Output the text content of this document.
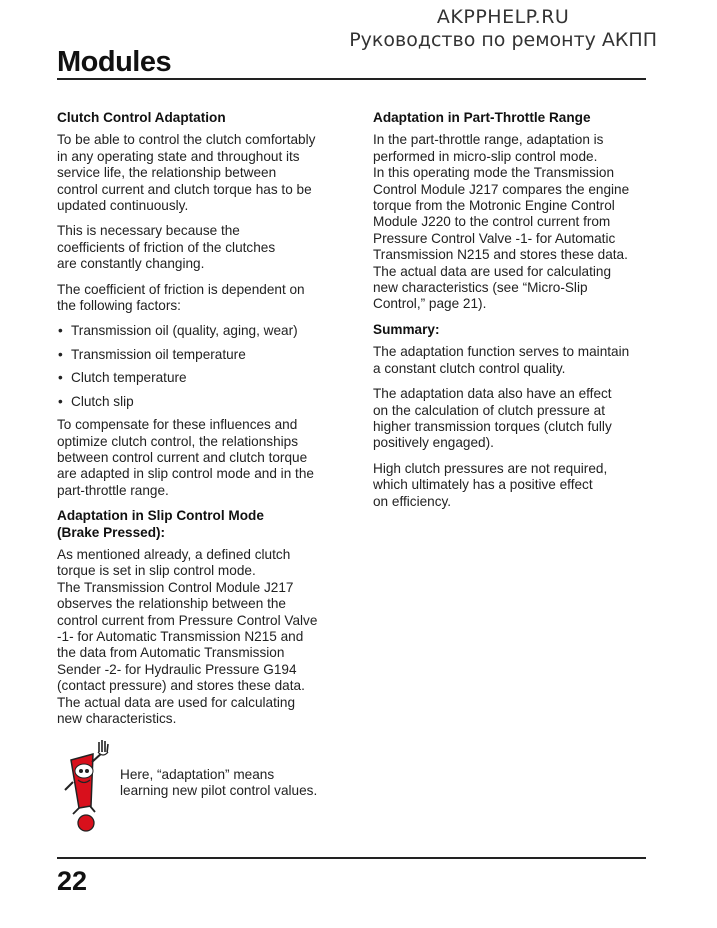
AKPPHELP.RU
Руководство по ремонту АКПП
Modules
Clutch Control Adaptation

To be able to control the clutch comfortably
in any operating state and throughout its
service life, the relationship between
control current and clutch torque has to be
updated continuously.

This is necessary because the
coefficients of friction of the clutches
are constantly changing.

The coefficient of friction is dependent on
the following factors:

• Transmission oil (quality, aging, wear)
• Transmission oil temperature
• Clutch temperature
• Clutch slip

To compensate for these influences and
optimize clutch control, the relationships
between control current and clutch torque
are adapted in slip control mode and in the
part-throttle range.

Adaptation in Slip Control Mode
(Brake Pressed):

As mentioned already, a defined clutch
torque is set in slip control mode.
The Transmission Control Module J217
observes the relationship between the
control current from Pressure Control Valve
-1- for Automatic Transmission N215 and
the data from Automatic Transmission
Sender -2- for Hydraulic Pressure G194
(contact pressure) and stores these data.
The actual data are used for calculating
new characteristics.

Here, “adaptation” means
learning new pilot control values.
Adaptation in Part-Throttle Range

In the part-throttle range, adaptation is
performed in micro-slip control mode.
In this operating mode the Transmission
Control Module J217 compares the engine
torque from the Motronic Engine Control
Module J220 to the control current from
Pressure Control Valve -1- for Automatic
Transmission N215 and stores these data.
The actual data are used for calculating
new characteristics (see “Micro-Slip
Control,” page 21).

Summary:

The adaptation function serves to maintain
a constant clutch control quality.

The adaptation data also have an effect
on the calculation of clutch pressure at
higher transmission torques (clutch fully
positively engaged).

High clutch pressures are not required,
which ultimately has a positive effect
on efficiency.

22
